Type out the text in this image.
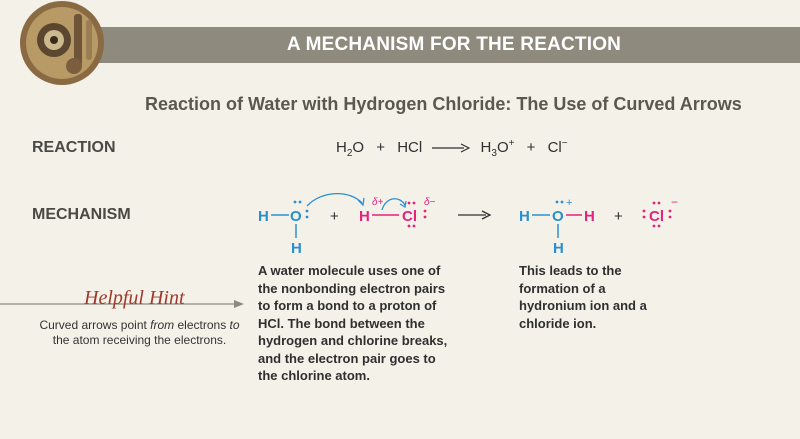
A MECHANISM FOR THE REACTION
Reaction of Water with Hydrogen Chloride: The Use of Curved Arrows
REACTION	$H_2O$ + HCl → $H_3O^+ + Cl^-$
MECHANISM	H O
H
+ H
δ+
Cl
δ−
H O
+
H
H
+ Cl
−
A water molecule uses one of the nonbonding electron pairs to form a bond to a proton of HCl. The bond between the hydrogen and chlorine breaks, and the electron pair goes to the chlorine atom.
This leads to the formation of a hydronium ion and a chloride ion.
Helpful Hint
Curved arrows point from electrons to the atom receiving the electrons.
